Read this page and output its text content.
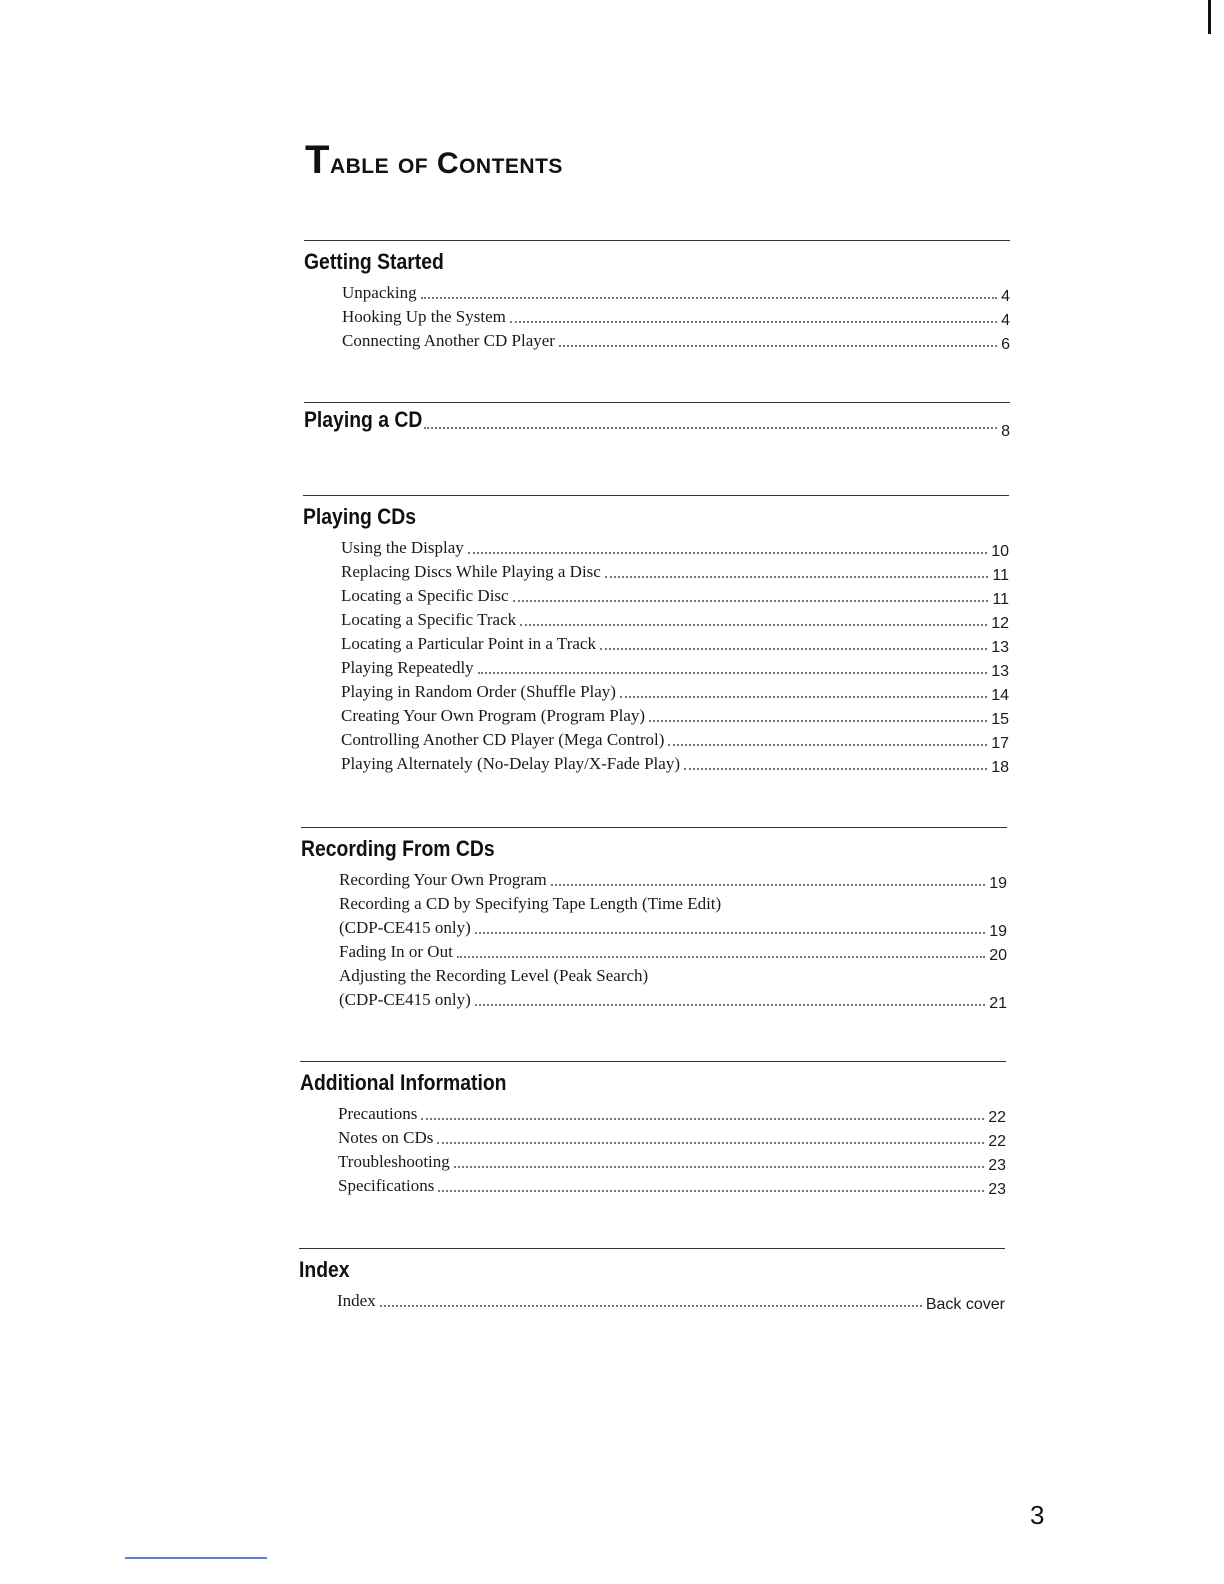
Table of Contents
Getting Started
Unpacking	4
Hooking Up the System	4
Connecting Another CD Player	6
Playing a CD	8
Playing CDs
Using the Display	10
Replacing Discs While Playing a Disc	11
Locating a Specific Disc	11
Locating a Specific Track	12
Locating a Particular Point in a Track	13
Playing Repeatedly	13
Playing in Random Order (Shuffle Play)	14
Creating Your Own Program (Program Play)	15
Controlling Another CD Player (Mega Control)	17
Playing Alternately (No-Delay Play/X-Fade Play)	18
Recording From CDs
Recording Your Own Program	19
Recording a CD by Specifying Tape Length (Time Edit)
(CDP-CE415 only)	19
Fading In or Out	20
Adjusting the Recording Level (Peak Search)
(CDP-CE415 only)	21
Additional Information
Precautions	22
Notes on CDs	22
Troubleshooting	23
Specifications	23
Index
Index	Back cover
3
